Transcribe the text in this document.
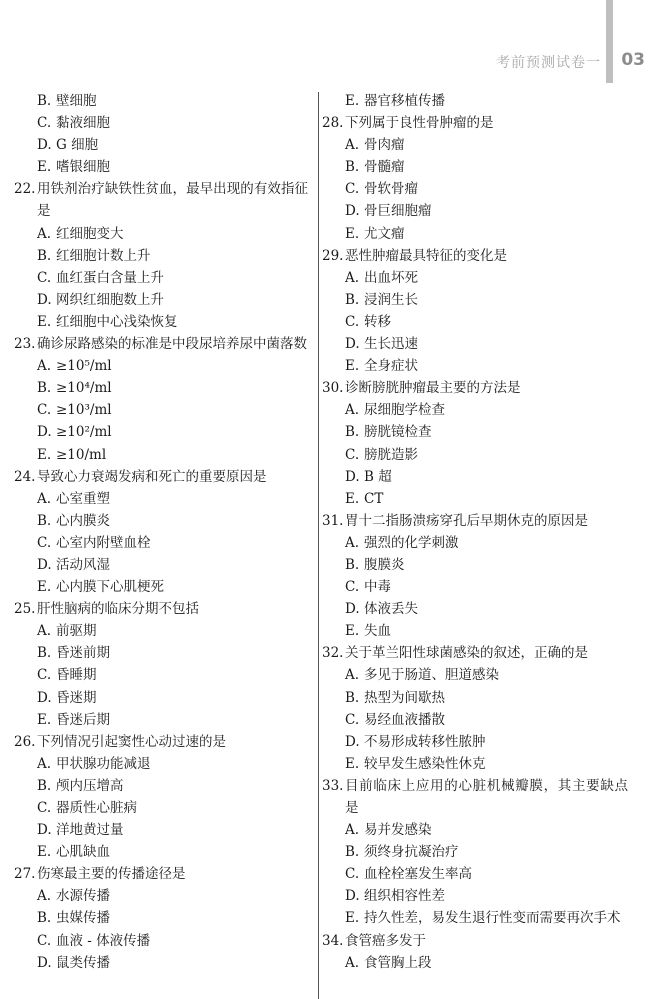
考前预测试卷一 03
B. 壁细胞
C. 黏液细胞
D. G 细胞
E. 嗜银细胞
22. 用铁剂治疗缺铁性贫血，最早出现的有效指征是
A. 红细胞变大
B. 红细胞计数上升
C. 血红蛋白含量上升
D. 网织红细胞数上升
E. 红细胞中心浅染恢复
23. 确诊尿路感染的标准是中段尿培养尿中菌落数
A. ≥10⁵/ml
B. ≥10⁴/ml
C. ≥10³/ml
D. ≥10²/ml
E. ≥10/ml
24. 导致心力衰竭发病和死亡的重要原因是
A. 心室重塑
B. 心内膜炎
C. 心室内附壁血栓
D. 活动风湿
E. 心内膜下心肌梗死
25. 肝性脑病的临床分期不包括
A. 前驱期
B. 昏迷前期
C. 昏睡期
D. 昏迷期
E. 昏迷后期
26. 下列情况引起窦性心动过速的是
A. 甲状腺功能减退
B. 颅内压增高
C. 器质性心脏病
D. 洋地黄过量
E. 心肌缺血
27. 伤寒最主要的传播途径是
A. 水源传播
B. 虫媒传播
C. 血液 - 体液传播
D. 鼠类传播
E. 器官移植传播
28. 下列属于良性骨肿瘤的是
A. 骨肉瘤
B. 骨髓瘤
C. 骨软骨瘤
D. 骨巨细胞瘤
E. 尤文瘤
29. 恶性肿瘤最具特征的变化是
A. 出血坏死
B. 浸润生长
C. 转移
D. 生长迅速
E. 全身症状
30. 诊断膀胱肿瘤最主要的方法是
A. 尿细胞学检查
B. 膀胱镜检查
C. 膀胱造影
D. B 超
E. CT
31. 胃十二指肠溃疡穿孔后早期休克的原因是
A. 强烈的化学刺激
B. 腹膜炎
C. 中毒
D. 体液丢失
E. 失血
32. 关于革兰阳性球菌感染的叙述，正确的是
A. 多见于肠道、胆道感染
B. 热型为间歇热
C. 易经血液播散
D. 不易形成转移性脓肿
E. 较早发生感染性休克
33. 目前临床上应用的心脏机械瓣膜，其主要缺点是
A. 易并发感染
B. 须终身抗凝治疗
C. 血栓栓塞发生率高
D. 组织相容性差
E. 持久性差，易发生退行性变而需要再次手术
34. 食管癌多发于
A. 食管胸上段
